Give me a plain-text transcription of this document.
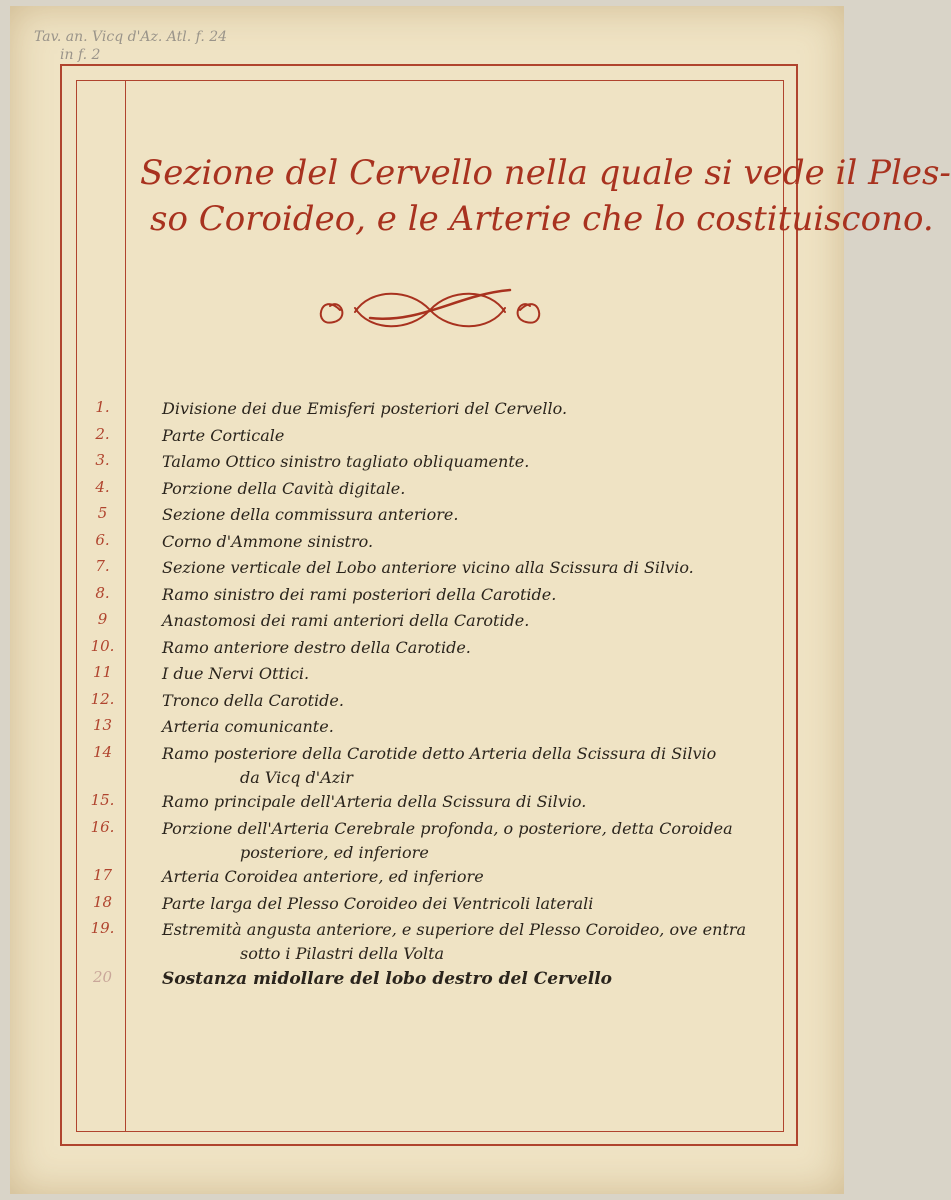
Tav. an. Vicq d'Az. Atl. f. 24
in f. 2
Sezione del Cervello nella quale si vede il Ples-
so Coroideo, e le Arterie che lo costituiscono.
1.	Divisione dei due Emisferi posteriori del Cervello.
2.	Parte Corticale
3.	Talamo Ottico sinistro tagliato obliquamente.
4.	Porzione della Cavità digitale.
5	Sezione della commissura anteriore.
6.	Corno d'Ammone sinistro.
7.	Sezione verticale del Lobo anteriore vicino alla Scissura di Silvio.
8.	Ramo sinistro dei rami posteriori della Carotide.
9	Anastomosi dei rami anteriori della Carotide.
10.	Ramo anteriore destro della Carotide.
11	I due Nervi Ottici.
12.	Tronco della Carotide.
13	Arteria comunicante.
14	Ramo posteriore della Carotide detto Arteria della Scissura di Silvio
da Vicq d'Azir
15.	Ramo principale dell'Arteria della Scissura di Silvio.
16.	Porzione dell'Arteria Cerebrale profonda, o posteriore, detta Coroidea
posteriore, ed inferiore
17	Arteria Coroidea anteriore, ed inferiore
18	Parte larga del Plesso Coroideo dei Ventricoli laterali
19.	Estremità angusta anteriore, e superiore del Plesso Coroideo, ove entra
sotto i Pilastri della Volta
20	Sostanza midollare del lobo destro del Cervello
